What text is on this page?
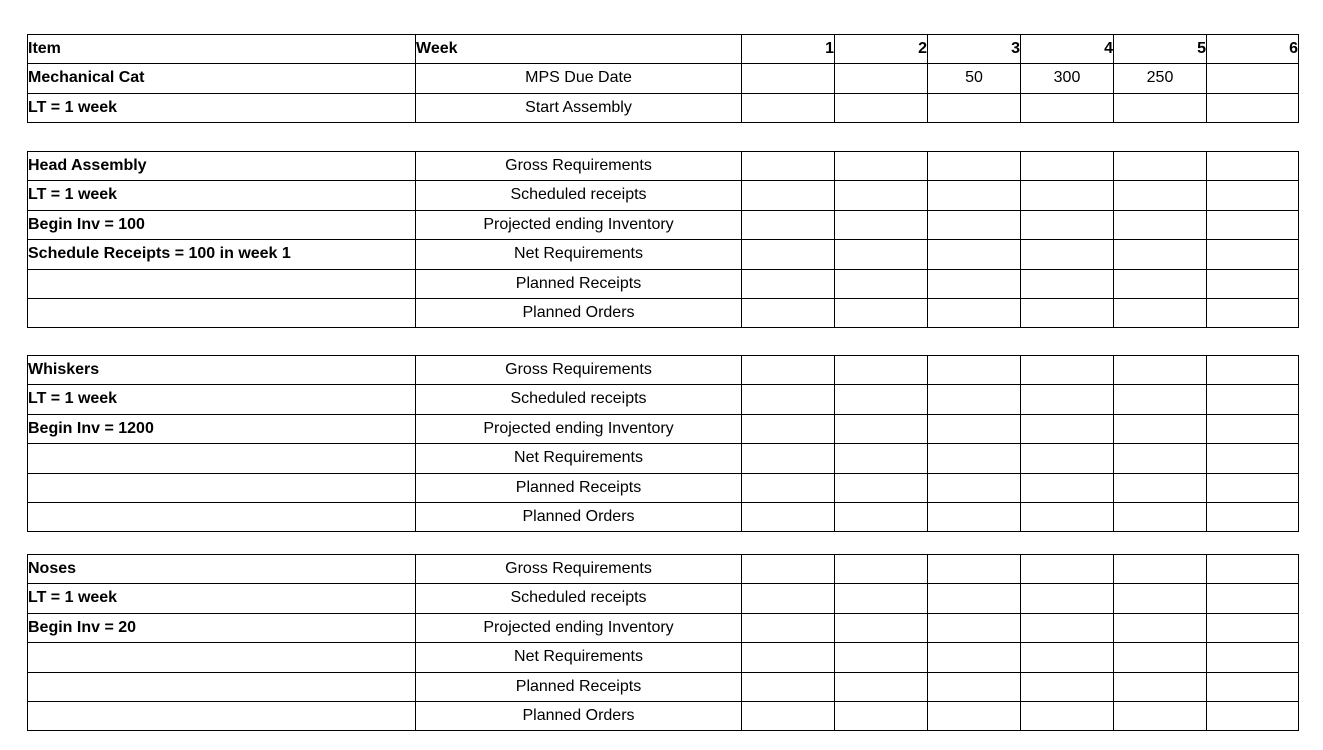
Item	Week	1	2	3	4	5	6
Mechanical Cat	MPS Due Date			50	300	250	
LT = 1 week	Start Assembly						
Head Assembly	Gross Requirements						
LT = 1 week	Scheduled receipts						
Begin Inv = 100	Projected ending Inventory						
Schedule Receipts = 100 in week 1	Net Requirements						
	Planned Receipts						
	Planned Orders						
Whiskers	Gross Requirements						
LT = 1 week	Scheduled receipts						
Begin Inv = 1200	Projected ending Inventory						
	Net Requirements						
	Planned Receipts						
	Planned Orders						
Noses	Gross Requirements						
LT = 1 week	Scheduled receipts						
Begin Inv = 20	Projected ending Inventory						
	Net Requirements						
	Planned Receipts						
	Planned Orders						
